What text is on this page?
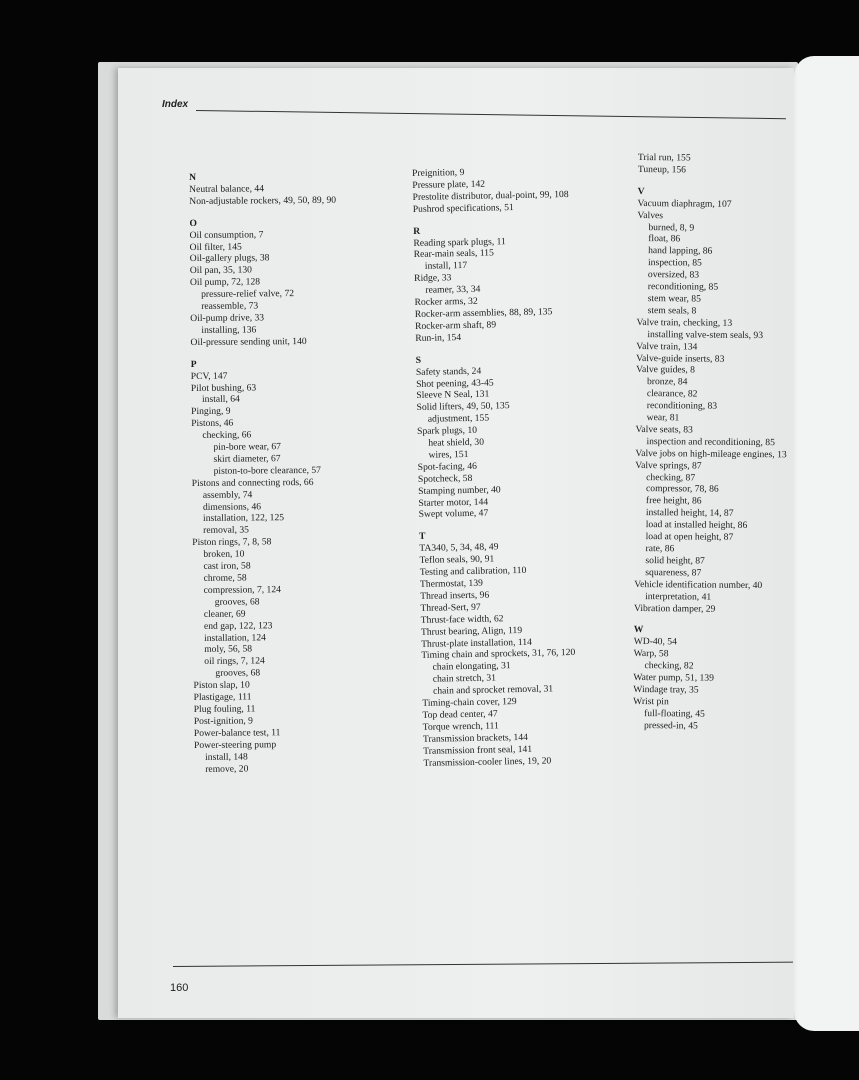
Index
N
Neutral balance, 44
Non-adjustable rockers, 49, 50, 89, 90
O
Oil consumption, 7
Oil filter, 145
Oil-gallery plugs, 38
Oil pan, 35, 130
Oil pump, 72, 128
pressure-relief valve, 72
reassemble, 73
Oil-pump drive, 33
installing, 136
Oil-pressure sending unit, 140
P
PCV, 147
Pilot bushing, 63
install, 64
Pinging, 9
Pistons, 46
checking, 66
pin-bore wear, 67
skirt diameter, 67
piston-to-bore clearance, 57
Pistons and connecting rods, 66
assembly, 74
dimensions, 46
installation, 122, 125
removal, 35
Piston rings, 7, 8, 58
broken, 10
cast iron, 58
chrome, 58
compression, 7, 124
grooves, 68
cleaner, 69
end gap, 122, 123
installation, 124
moly, 56, 58
oil rings, 7, 124
grooves, 68
Piston slap, 10
Plastigage, 111
Plug fouling, 11
Post-ignition, 9
Power-balance test, 11
Power-steering pump
install, 148
remove, 20
Preignition, 9
Pressure plate, 142
Prestolite distributor, dual-point, 99, 108
Pushrod specifications, 51
R
Reading spark plugs, 11
Rear-main seals, 115
install, 117
Ridge, 33
reamer, 33, 34
Rocker arms, 32
Rocker-arm assemblies, 88, 89, 135
Rocker-arm shaft, 89
Run-in, 154
S
Safety stands, 24
Shot peening, 43-45
Sleeve N Seal, 131
Solid lifters, 49, 50, 135
adjustment, 155
Spark plugs, 10
heat shield, 30
wires, 151
Spot-facing, 46
Spotcheck, 58
Stamping number, 40
Starter motor, 144
Swept volume, 47
T
TA340, 5, 34, 48, 49
Teflon seals, 90, 91
Testing and calibration, 110
Thermostat, 139
Thread inserts, 96
Thread-Sert, 97
Thrust-face width, 62
Thrust bearing, Align, 119
Thrust-plate installation, 114
Timing chain and sprockets, 31, 76, 120
chain elongating, 31
chain stretch, 31
chain and sprocket removal, 31
Timing-chain cover, 129
Top dead center, 47
Torque wrench, 111
Transmission brackets, 144
Transmission front seal, 141
Transmission-cooler lines, 19, 20
Trial run, 155
Tuneup, 156
V
Vacuum diaphragm, 107
Valves
burned, 8, 9
float, 86
hand lapping, 86
inspection, 85
oversized, 83
reconditioning, 85
stem wear, 85
stem seals, 8
Valve train, checking, 13
installing valve-stem seals, 93
Valve train, 134
Valve-guide inserts, 83
Valve guides, 8
bronze, 84
clearance, 82
reconditioning, 83
wear, 81
Valve seats, 83
inspection and reconditioning, 85
Valve jobs on high-mileage engines, 13
Valve springs, 87
checking, 87
compressor, 78, 86
free height, 86
installed height, 14, 87
load at installed height, 86
load at open height, 87
rate, 86
solid height, 87
squareness, 87
Vehicle identification number, 40
interpretation, 41
Vibration damper, 29
W
WD-40, 54
Warp, 58
checking, 82
Water pump, 51, 139
Windage tray, 35
Wrist pin
full-floating, 45
pressed-in, 45
160
